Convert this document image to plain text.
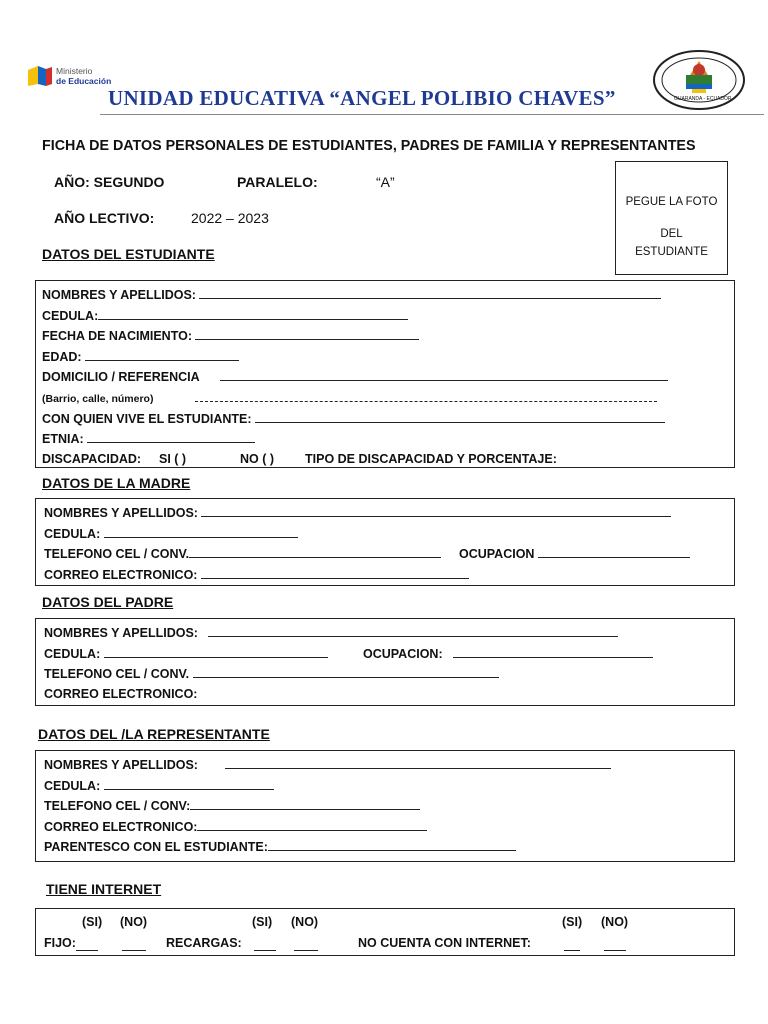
Ministerio
de Educación
UNIDAD EDUCATIVA “ANGEL POLIBIO CHAVES”	GUARANDA - ECUADOR
FICHA DE DATOS PERSONALES DE ESTUDIANTES, PADRES DE FAMILIA Y REPRESENTANTES
AÑO: SEGUNDO	PARALELO:	“A”
AÑO LECTIVO:	2022 – 2023
PEGUE LA FOTO
DEL
ESTUDIANTE
DATOS DEL ESTUDIANTE
NOMBRES Y APELLIDOS:
CEDULA:
FECHA DE NACIMIENTO:
EDAD:
DOMICILIO / REFERENCIA
(Barrio, calle, número)
CON QUIEN VIVE EL ESTUDIANTE:
ETNIA:
DISCAPACIDAD: SI ( )	NO ( ) TIPO DE DISCAPACIDAD Y PORCENTAJE:
DATOS DE LA MADRE
NOMBRES Y APELLIDOS:
CEDULA:
TELEFONO CEL / CONV.	OCUPACION
CORREO ELECTRONICO:
DATOS DEL PADRE
NOMBRES Y APELLIDOS:
CEDULA:	OCUPACION:
TELEFONO CEL / CONV.
CORREO ELECTRONICO:
DATOS DEL /LA REPRESENTANTE
NOMBRES Y APELLIDOS:
CEDULA:
TELEFONO CEL / CONV:
CORREO ELECTRONICO:
PARENTESCO CON EL ESTUDIANTE:
TIENE INTERNET
(SI) (NO)	(SI) (NO)	(SI) (NO)
FIJO:	RECARGAS:	NO CUENTA CON INTERNET:
